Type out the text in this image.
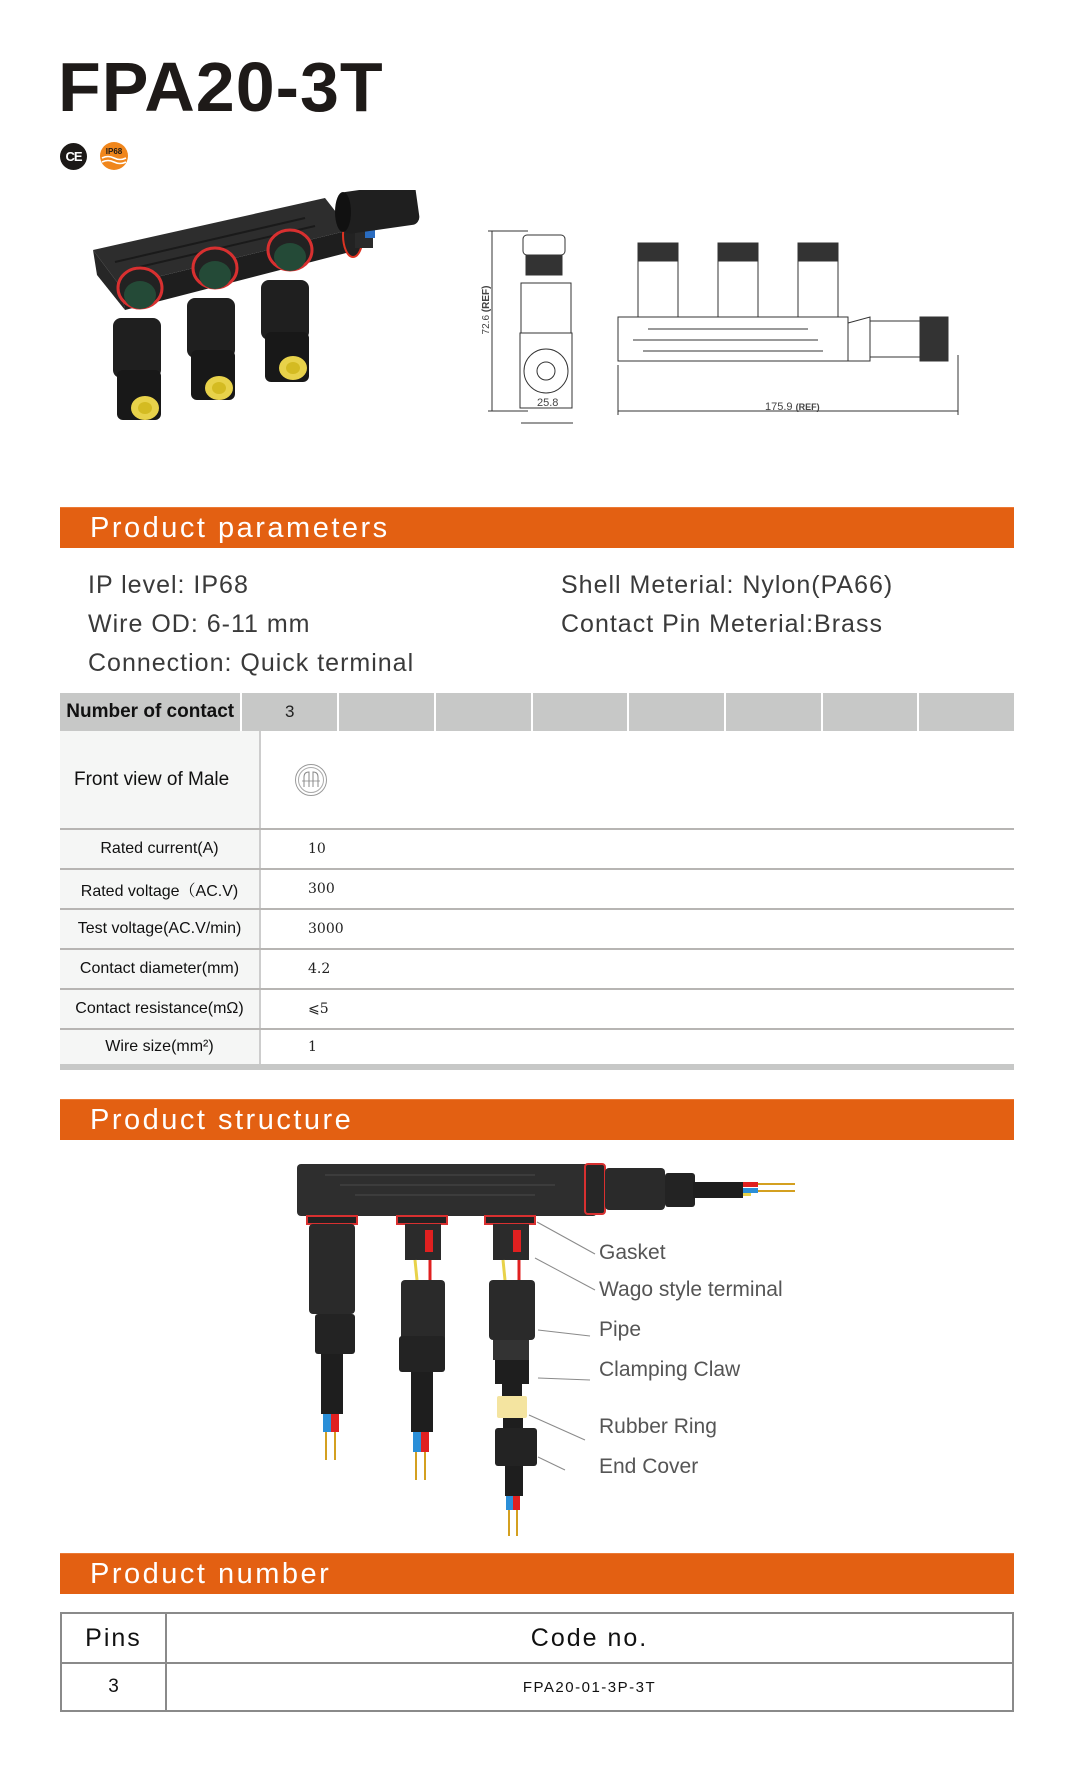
FPA20-3T
CE	IP68
72.6

(REF)
25.8	175.9 (REF)
Product parameters
IP level: IP68
Wire OD: 6-11 mm
Connection: Quick terminal
Shell Meterial: Nylon(PA66)
Contact Pin Meterial:Brass
Number of contact	3
Front view of Male
Rated current(A)	10
Rated voltage（AC.V)	300
Test voltage(AC.V/min)	3000
Contact diameter(mm)	4.2
Contact resistance(mΩ)	⩽5
Wire size(mm²)	1
Product structure
Gasket
Wago style terminal
Pipe
Clamping Claw
Rubber Ring
End Cover
Product number
Pins	Code no.
3	FPA20-01-3P-3T
